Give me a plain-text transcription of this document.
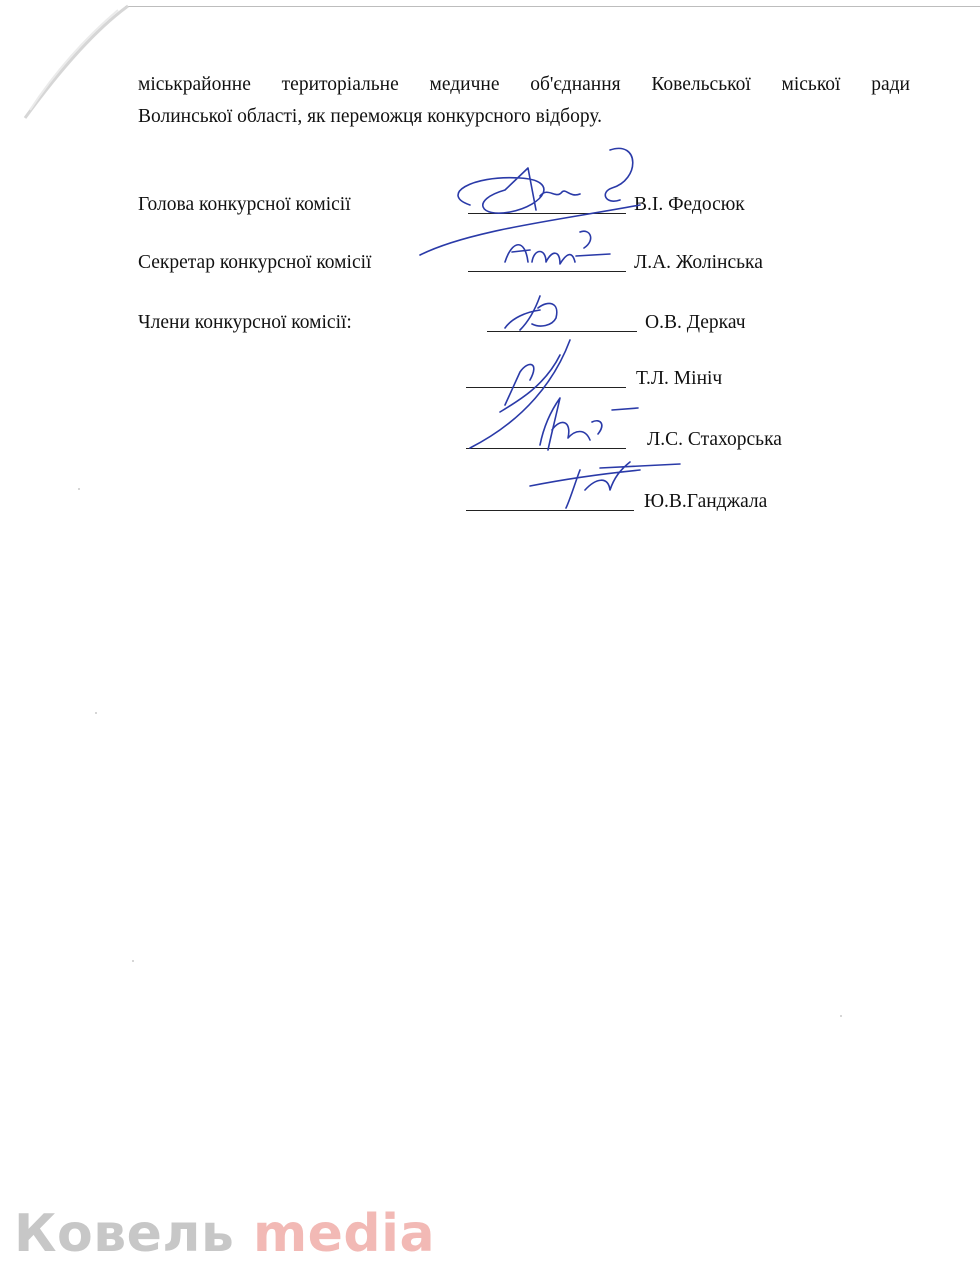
міськрайонне територіальне медичне об'єднання Ковельської міської ради
Волинської області, як переможця конкурсного відбору.
Голова конкурсної комісії	В.І. Федосюк
Секретар конкурсної комісії	Л.А. Жолінська
Члени конкурсної комісії:	О.В. Деркач
Т.Л. Мініч
Л.С. Стахорська
Ю.В.Ганджала
Ковель media
